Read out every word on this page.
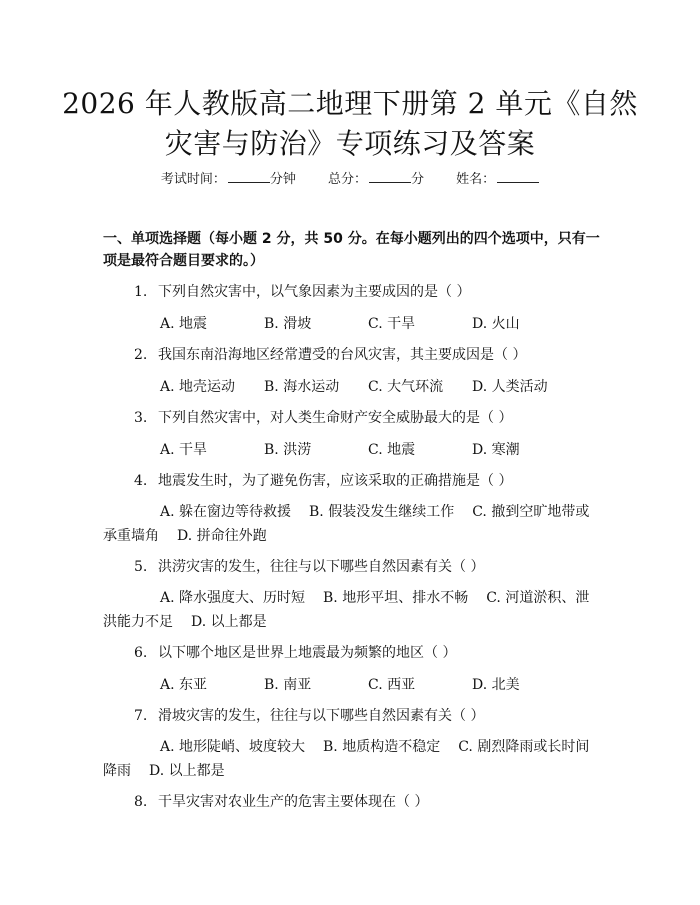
2026 年人教版高二地理下册第 2 单元《自然
灾害与防治》专项练习及答案
考试时间：	分钟 总分：	分 姓名：
一、单项选择题（每小题 2 分，共 50 分。在每小题列出的四个选项中，只有一项是最符合题目要求的。）
1. 下列自然灾害中，以气象因素为主要成因的是（ ）
A. 地震	B. 滑坡	C. 干旱	D. 火山
2. 我国东南沿海地区经常遭受的台风灾害，其主要成因是（ ）
A. 地壳运动 B. 海水运动 C. 大气环流 D. 人类活动
3. 下列自然灾害中，对人类生命财产安全威胁最大的是（ ）
A. 干旱	B. 洪涝	C. 地震	D. 寒潮
4. 地震发生时，为了避免伤害，应该采取的正确措施是（ ）
A. 躲在窗边等待救援 B. 假装没发生继续工作 C. 撤到空旷地带或承重墙角 D. 拼命往外跑
5. 洪涝灾害的发生，往往与以下哪些自然因素有关（ ）
A. 降水强度大、历时短 B. 地形平坦、排水不畅 C. 河道淤积、泄洪能力不足 D. 以上都是
6. 以下哪个地区是世界上地震最为频繁的地区（ ）
A. 东亚	B. 南亚	C. 西亚	D. 北美
7. 滑坡灾害的发生，往往与以下哪些自然因素有关（ ）
A. 地形陡峭、坡度较大 B. 地质构造不稳定 C. 剧烈降雨或长时间降雨 D. 以上都是
8. 干旱灾害对农业生产的危害主要体现在（ ）
